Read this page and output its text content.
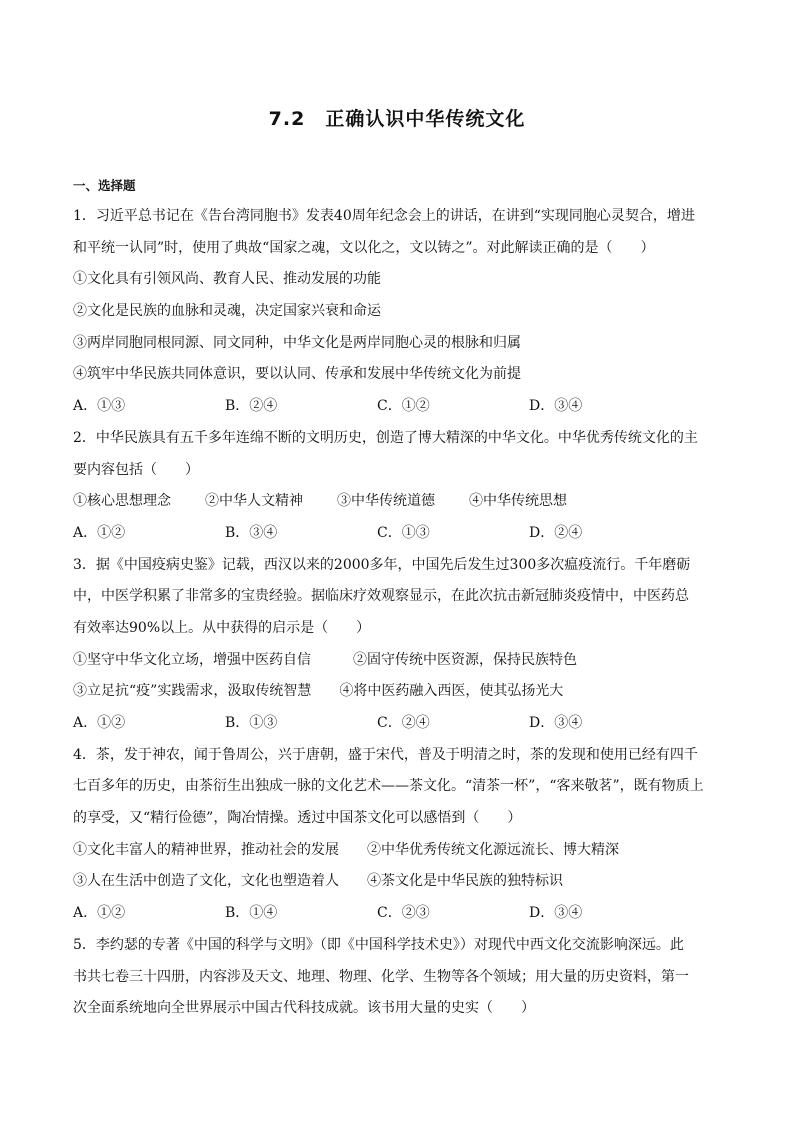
7.2　正确认识中华传统文化
一、选择题
1．习近平总书记在《告台湾同胞书》发表40周年纪念会上的讲话，在讲到“实现同胞心灵契合，增进
和平统一认同”时，使用了典故“国家之魂，文以化之，文以铸之”。对此解读正确的是（　　）
①文化具有引领风尚、教育人民、推动发展的功能
②文化是民族的血脉和灵魂，决定国家兴衰和命运
③两岸同胞同根同源、同文同种，中华文化是两岸同胞心灵的根脉和归属
④筑牢中华民族共同体意识，要以认同、传承和发展中华传统文化为前提
A．①③	B．②④	C．①②	D．③④
2．中华民族具有五千多年连绵不断的文明历史，创造了博大精深的中华文化。中华优秀传统文化的主
要内容包括（　　）
①核心思想理念 ②中华人文精神 ③中华传统道德 ④中华传统思想
A．①②	B．③④	C．①③	D．②④
3．据《中国疫病史鉴》记载，西汉以来的2000多年，中国先后发生过300多次瘟疫流行。千年磨砺
中，中医学积累了非常多的宝贵经验。据临床疗效观察显示，在此次抗击新冠肺炎疫情中，中医药总
有效率达90%以上。从中获得的启示是（　　）
①坚守中华文化立场，增强中医药自信　　　②固守传统中医资源，保持民族特色
③立足抗“疫”实践需求，汲取传统智慧　　④将中医药融入西医，使其弘扬光大
A．①②	B．①③	C．②④	D．③④
4．茶，发于神农，闻于鲁周公，兴于唐朝，盛于宋代，普及于明清之时，茶的发现和使用已经有四千
七百多年的历史，由茶衍生出独成一脉的文化艺术——茶文化。“清茶一杯”，“客来敬茗”，既有物质上
的享受，又“精行俭德”，陶冶情操。透过中国茶文化可以感悟到（　　）
①文化丰富人的精神世界，推动社会的发展　　②中华优秀传统文化源远流长、博大精深
③人在生活中创造了文化，文化也塑造着人　　④茶文化是中华民族的独特标识
A．①②	B．①④	C．②③	D．③④
5．李约瑟的专著《中国的科学与文明》（即《中国科学技术史》）对现代中西文化交流影响深远。此
书共七卷三十四册，内容涉及天文、地理、物理、化学、生物等各个领域；用大量的历史资料，第一
次全面系统地向全世界展示中国古代科技成就。该书用大量的史实（　　）
